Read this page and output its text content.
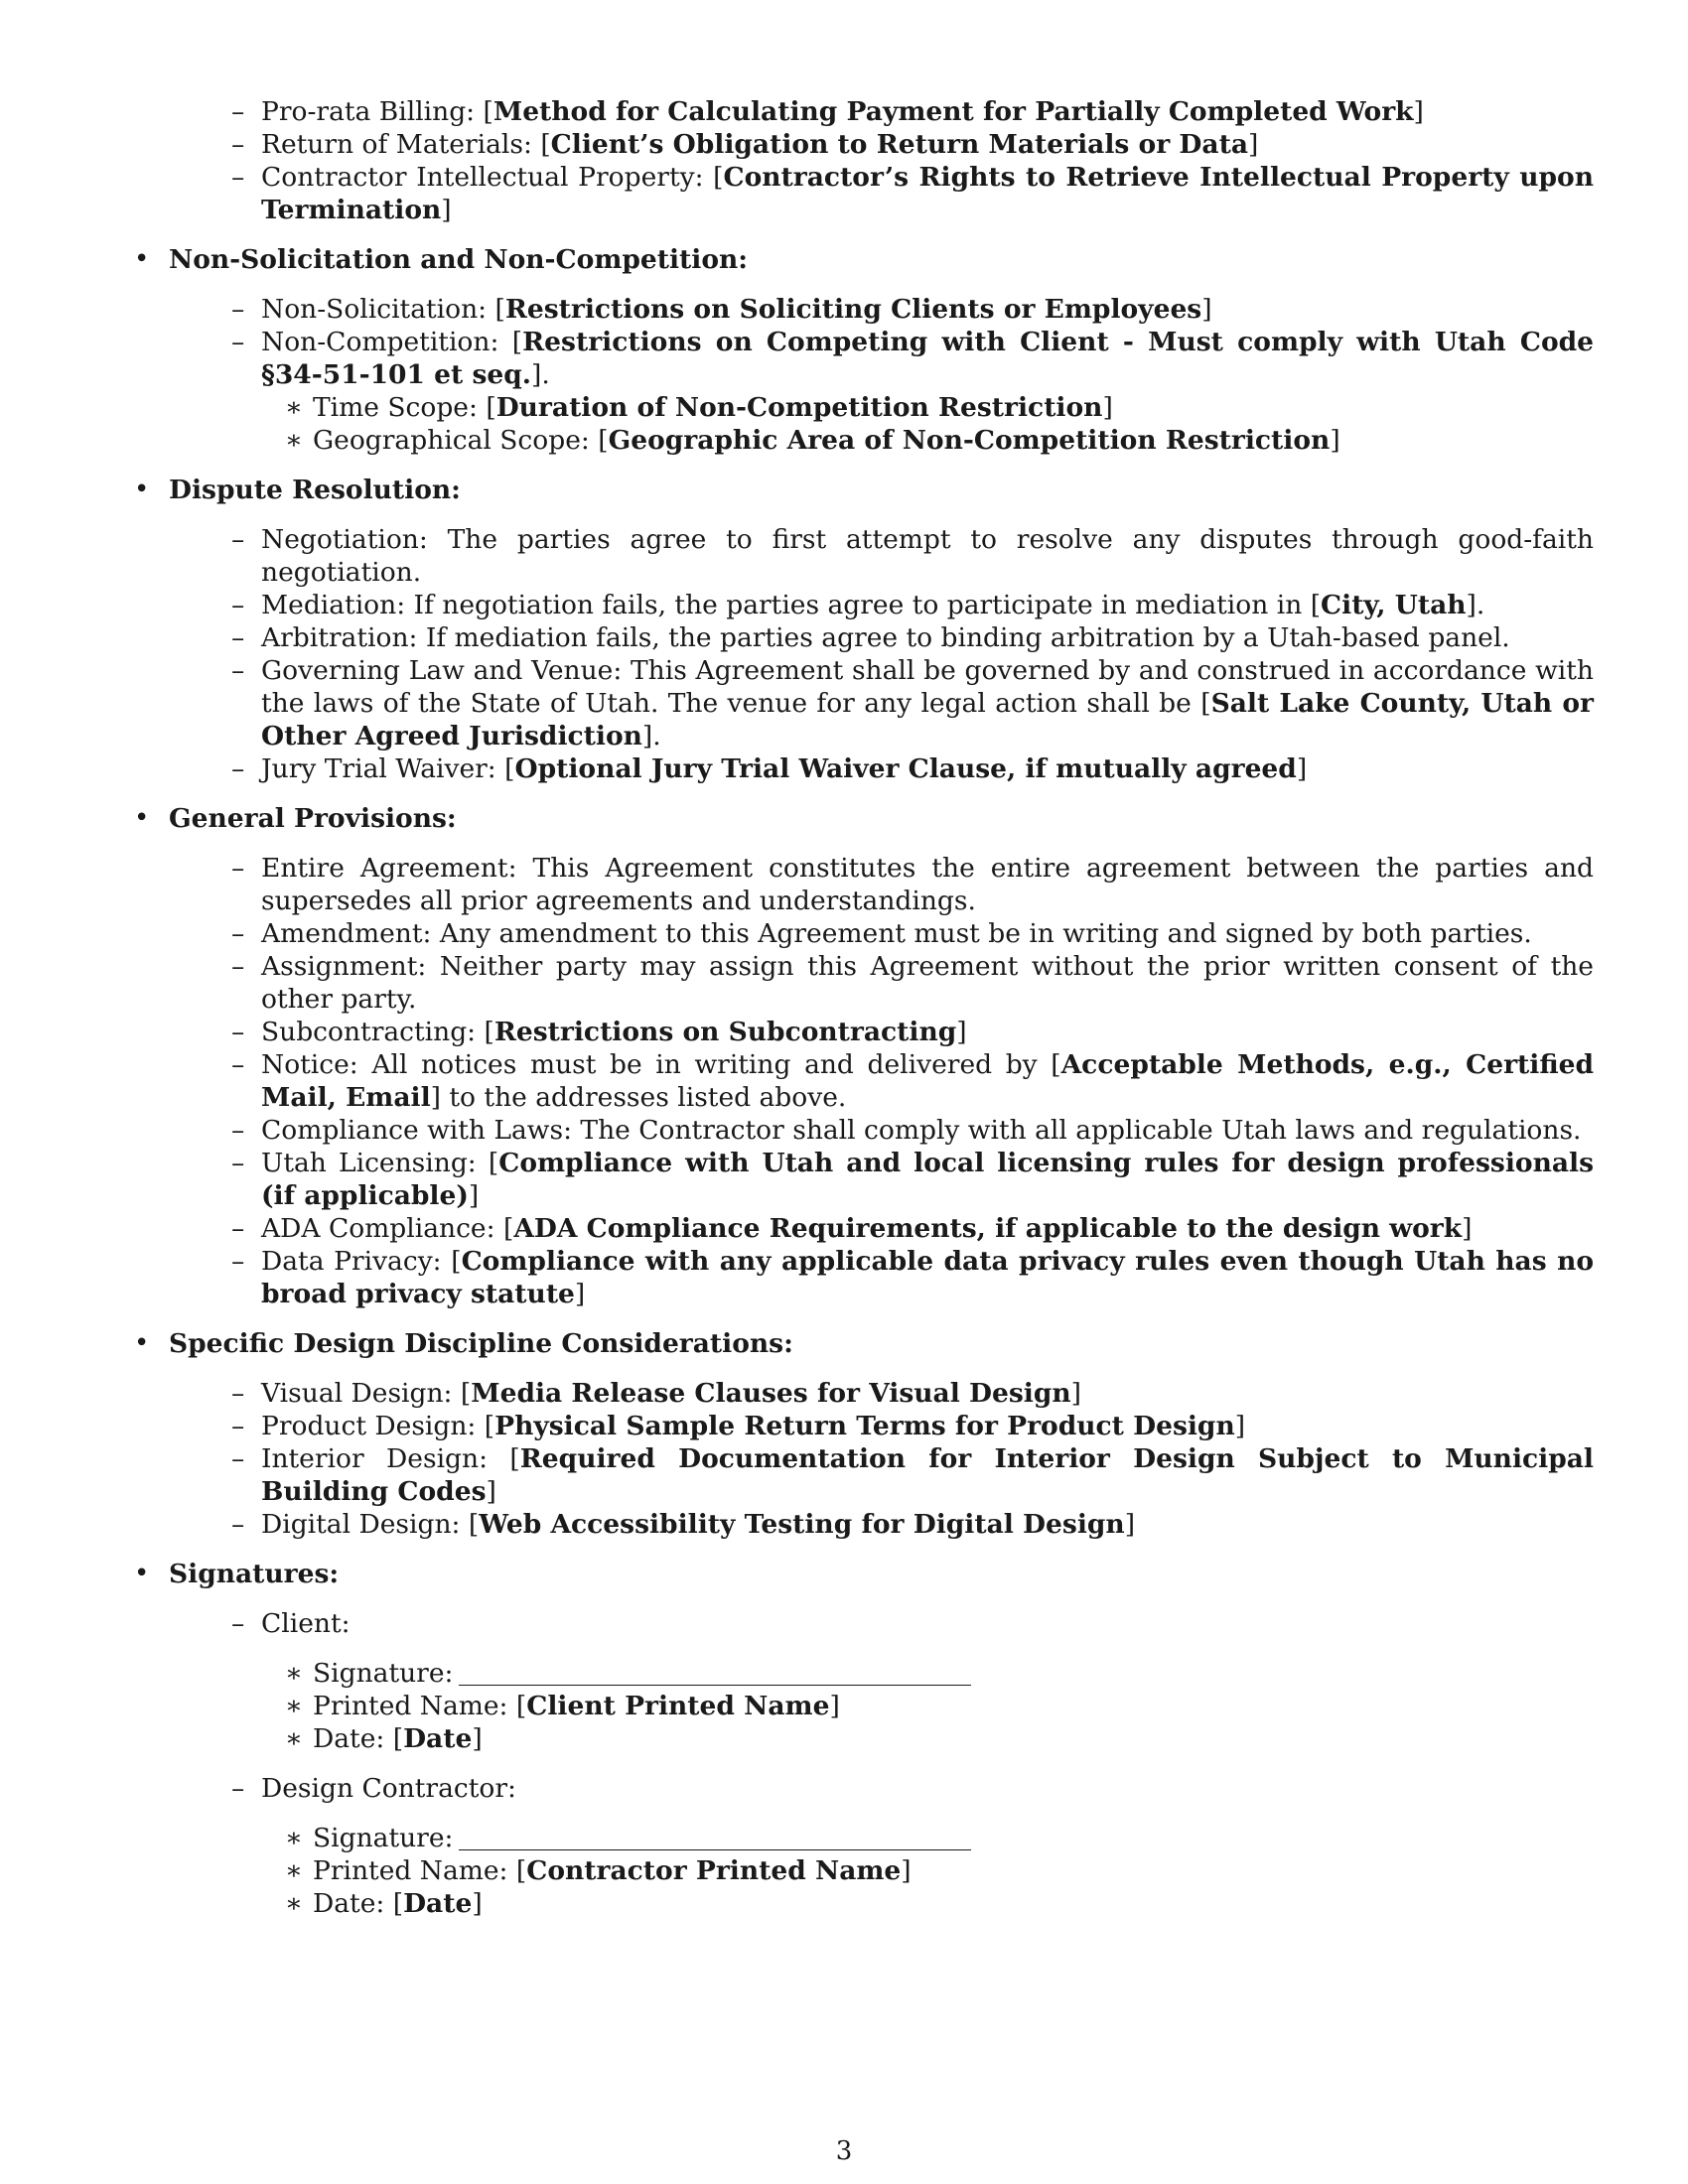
– Pro-rata Billing: [Method for Calculating Payment for Partially Completed Work]
– Return of Materials: [Client’s Obligation to Return Materials or Data]
– Contractor Intellectual Property: [Contractor’s Rights to Retrieve Intellectual Property upon Termination]
• Non-Solicitation and Non-Competition:
– Non-Solicitation: [Restrictions on Soliciting Clients or Employees]
– Non-Competition: [Restrictions on Competing with Client - Must comply with Utah Code §34-51-101 et seq.].
∗ Time Scope: [Duration of Non-Competition Restriction]
∗ Geographical Scope: [Geographic Area of Non-Competition Restriction]
• Dispute Resolution:
– Negotiation: The parties agree to first attempt to resolve any disputes through good-faith negotiation.
– Mediation: If negotiation fails, the parties agree to participate in mediation in [City, Utah].
– Arbitration: If mediation fails, the parties agree to binding arbitration by a Utah-based panel.
– Governing Law and Venue: This Agreement shall be governed by and construed in accordance with the laws of the State of Utah. The venue for any legal action shall be [Salt Lake County, Utah or Other Agreed Jurisdiction].
– Jury Trial Waiver: [Optional Jury Trial Waiver Clause, if mutually agreed]
• General Provisions:
– Entire Agreement: This Agreement constitutes the entire agreement between the parties and supersedes all prior agreements and understandings.
– Amendment: Any amendment to this Agreement must be in writing and signed by both parties.
– Assignment: Neither party may assign this Agreement without the prior written consent of the other party.
– Subcontracting: [Restrictions on Subcontracting]
– Notice: All notices must be in writing and delivered by [Acceptable Methods, e.g., Certified Mail, Email] to the addresses listed above.
– Compliance with Laws: The Contractor shall comply with all applicable Utah laws and regulations.
– Utah Licensing: [Compliance with Utah and local licensing rules for design professionals (if applicable)]
– ADA Compliance: [ADA Compliance Requirements, if applicable to the design work]
– Data Privacy: [Compliance with any applicable data privacy rules even though Utah has no broad privacy statute]
• Specific Design Discipline Considerations:
– Visual Design: [Media Release Clauses for Visual Design]
– Product Design: [Physical Sample Return Terms for Product Design]
– Interior Design: [Required Documentation for Interior Design Subject to Municipal Building Codes]
– Digital Design: [Web Accessibility Testing for Digital Design]
• Signatures:
– Client:
∗ Signature:
∗ Printed Name: [Client Printed Name]
∗ Date: [Date]
– Design Contractor:
∗ Signature:
∗ Printed Name: [Contractor Printed Name]
∗ Date: [Date]
3
